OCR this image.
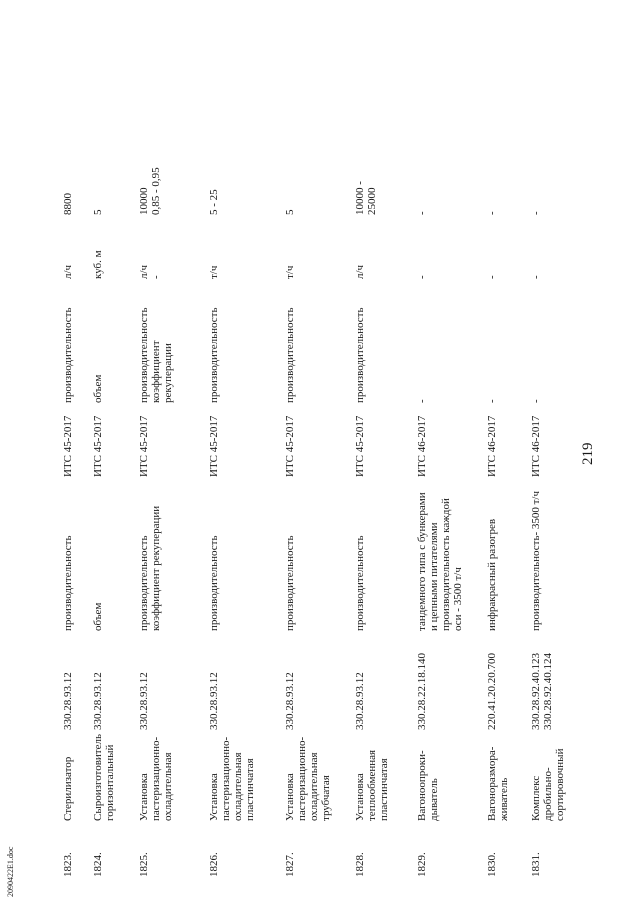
219
1823.	Стерилизатор	330.28.93.12	производительность	ИТС 45-2017	производительность	л/ч	8800

1824.	Сыроизготовитель горизонтальный	330.28.93.12	объем	ИТС 45-2017	объем	куб. м	5

1825.	Установка пастеризационно- охладительная	330.28.93.12	производительность коэффициент рекуперации	ИТС 45-2017	производительность коэффициент рекуперации	л/ч -	10000 0,85 - 0,95

1826.	Установка пастеризационно- охладительная пластинчатая	330.28.93.12	производительность	ИТС 45-2017	производительность	т/ч	5 - 25

1827.	Установка пастеризационно- охладительная трубчатая	330.28.93.12	производительность	ИТС 45-2017	производительность	т/ч	5

1828.	Установка теплообменная пластинчатая	330.28.93.12	производительность	ИТС 45-2017	производительность	л/ч	10000 - 25000

1829.	Вагоноопроки- дыватель	330.28.22.18.140	тандемного типа с бункерами и цепными питателями производительность каждой оси - 3500 т/ч	ИТС 46-2017	-	-	-

1830.	Вагоноразмора- живатель	220.41.20.20.700	инфракрасный разогрев	ИТС 46-2017	-	-	-

1831.	Комплекс дробильно- сортировочный	330.28.92.40.123 330.28.92.40.124	производительность- 3500 т/ч	ИТС 46-2017	-	-	-
2090422E1.doc
